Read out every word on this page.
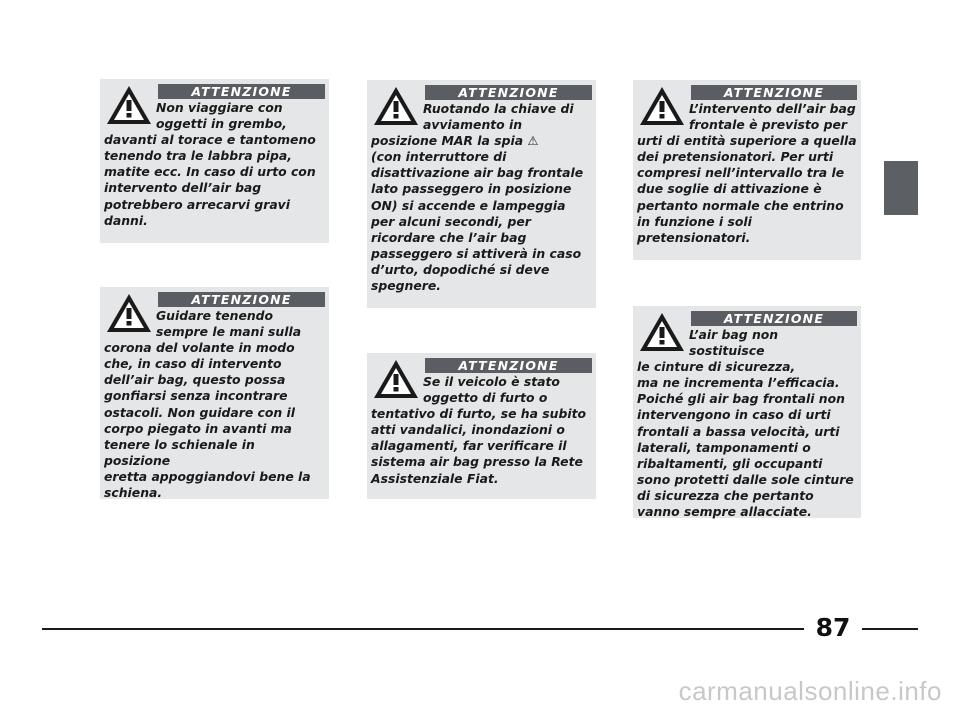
ATTENZIONE
Non viaggiare con
oggetti in grembo,
davanti al torace e tantomeno
tenendo tra le labbra pipa,
matite ecc. In caso di urto con
intervento dell’air bag
potrebbero arrecarvi gravi
danni.
ATTENZIONE
Guidare tenendo
sempre le mani sulla
corona del volante in modo
che, in caso di intervento
dell’air bag, questo possa
gonfiarsi senza incontrare
ostacoli. Non guidare con il
corpo piegato in avanti ma
tenere lo schienale in posizione
eretta appoggiandovi bene la
schiena.
ATTENZIONE
Ruotando la chiave di
avviamento in
posizione MAR la spia ⚠
(con interruttore di
disattivazione air bag frontale
lato passeggero in posizione
ON) si accende e lampeggia
per alcuni secondi, per
ricordare che l’air bag
passeggero si attiverà in caso
d’urto, dopodiché si deve
spegnere.
ATTENZIONE
Se il veicolo è stato
oggetto di furto o
tentativo di furto, se ha subito
atti vandalici, inondazioni o
allagamenti, far verificare il
sistema air bag presso la Rete
Assistenziale Fiat.
ATTENZIONE
L’intervento dell’air bag
frontale è previsto per
urti di entità superiore a quella
dei pretensionatori. Per urti
compresi nell’intervallo tra le
due soglie di attivazione è
pertanto normale che entrino
in funzione i soli
pretensionatori.
ATTENZIONE
L’air bag non sostituisce
le cinture di sicurezza,
ma ne incrementa l’efficacia.
Poiché gli air bag frontali non
intervengono in caso di urti
frontali a bassa velocità, urti
laterali, tamponamenti o
ribaltamenti, gli occupanti
sono protetti dalle sole cinture
di sicurezza che pertanto
vanno sempre allacciate.
87
carmanualsonline.info
